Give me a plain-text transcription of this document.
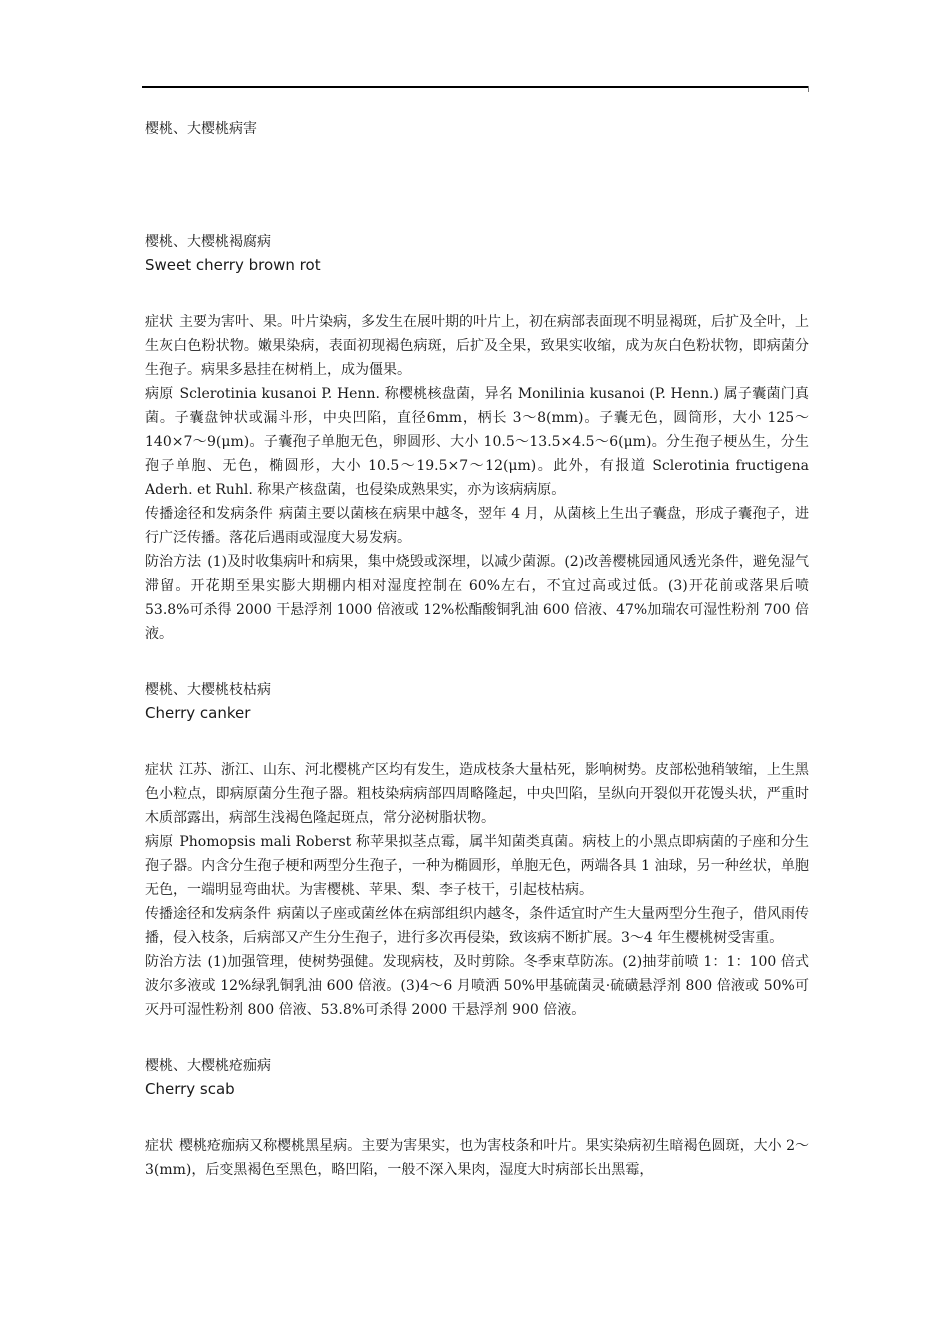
樱桃、大樱桃病害

樱桃、大樱桃褐腐病

Sweet cherry brown rot

症状 主要为害叶、果。叶片染病，多发生在展叶期的叶片上，初在病部表面现不明显褐斑，后扩及全叶，上生灰白色粉状物。嫩果染病，表面初现褐色病斑，后扩及全果，致果实收缩，成为灰白色粉状物，即病菌分生孢子。病果多悬挂在树梢上，成为僵果。

病原 Sclerotinia kusanoi P. Henn. 称樱桃核盘菌，异名 Monilinia kusanoi (P. Henn.) 属子囊菌门真菌。子囊盘钟状或漏斗形，中央凹陷，直径6mm，柄长 3～8(mm)。子囊无色，圆筒形，大小 125～140×7～9(μm)。子囊孢子单胞无色，卵圆形、大小 10.5～13.5×4.5～6(μm)。分生孢子梗丛生，分生孢子单胞、无色，椭圆形，大小 10.5～19.5×7～12(μm)。此外，有报道 Sclerotinia fructigena Aderh. et Ruhl. 称果产核盘菌，也侵染成熟果实，亦为该病病原。

传播途径和发病条件 病菌主要以菌核在病果中越冬，翌年 4 月，从菌核上生出子囊盘，形成子囊孢子，进行广泛传播。落花后遇雨或湿度大易发病。

防治方法 (1)及时收集病叶和病果，集中烧毁或深埋，以减少菌源。(2)改善樱桃园通风透光条件，避免湿气滞留。开花期至果实膨大期棚内相对湿度控制在 60%左右，不宜过高或过低。(3)开花前或落果后喷 53.8%可杀得 2000 干悬浮剂 1000 倍液或 12%松酯酸铜乳油 600 倍液、47%加瑞农可湿性粉剂 700 倍液。

樱桃、大樱桃枝枯病

Cherry canker

症状 江苏、浙江、山东、河北樱桃产区均有发生，造成枝条大量枯死，影响树势。皮部松弛稍皱缩，上生黑色小粒点，即病原菌分生孢子器。粗枝染病病部四周略隆起，中央凹陷，呈纵向开裂似开花馒头状，严重时木质部露出，病部生浅褐色隆起斑点，常分泌树脂状物。

病原 Phomopsis mali Roberst 称苹果拟茎点霉，属半知菌类真菌。病枝上的小黑点即病菌的子座和分生孢子器。内含分生孢子梗和两型分生孢子，一种为椭圆形，单胞无色，两端各具 1 油球，另一种丝状，单胞无色，一端明显弯曲状。为害樱桃、苹果、梨、李子枝干，引起枝枯病。

传播途径和发病条件 病菌以子座或菌丝体在病部组织内越冬，条件适宜时产生大量两型分生孢子，借风雨传播，侵入枝条，后病部又产生分生孢子，进行多次再侵染，致该病不断扩展。3～4 年生樱桃树受害重。

防治方法 (1)加强管理，使树势强健。发现病枝，及时剪除。冬季束草防冻。(2)抽芽前喷 1：1：100 倍式波尔多液或 12%绿乳铜乳油 600 倍液。(3)4～6 月喷洒 50%甲基硫菌灵·硫磺悬浮剂 800 倍液或 50%可灭丹可湿性粉剂 800 倍液、53.8%可杀得 2000 干悬浮剂 900 倍液。

樱桃、大樱桃疮痂病

Cherry scab

症状 樱桃疮痂病又称樱桃黑星病。主要为害果实，也为害枝条和叶片。果实染病初生暗褐色圆斑，大小 2～3(mm)，后变黑褐色至黑色，略凹陷，一般不深入果肉，湿度大时病部长出黑霉，
